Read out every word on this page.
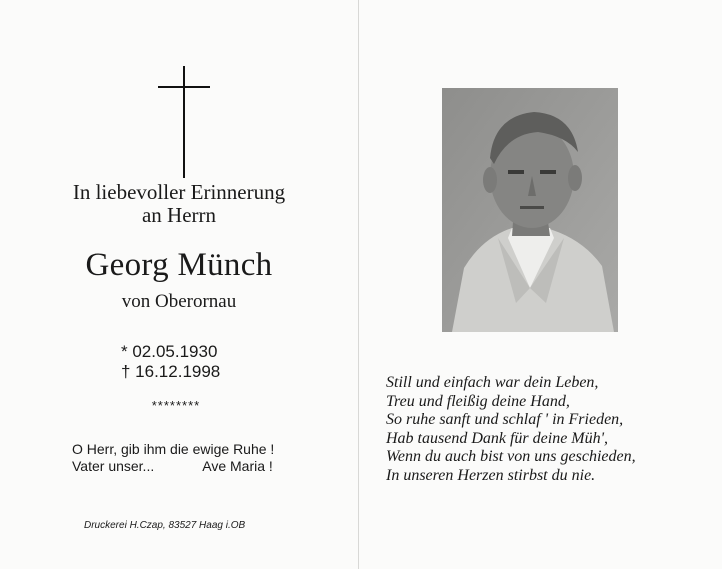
In liebevoller Erinnerung
an Herrn
Georg Münch
von Oberornau
* 02.05.1930
† 16.12.1998
********
O Herr, gib ihm die ewige Ruhe !
Vater unser...	Ave Maria !
Druckerei H.Czap, 83527 Haag i.OB
Still und einfach war dein Leben,
Treu und fleißig deine Hand,
So ruhe sanft und schlaf ' in Frieden,
Hab tausend Dank für deine Müh',
Wenn du auch bist von uns geschieden,
In unseren Herzen stirbst du nie.
